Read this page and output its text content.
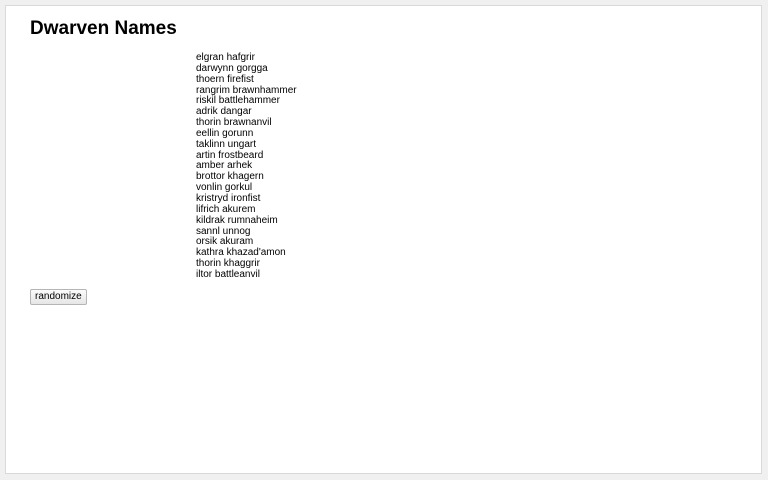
Dwarven Names
elgran hafgrir
darwynn gorgga
thoern firefist
rangrim brawnhammer
riskil battlehammer
adrik dangar
thorin brawnanvil
eellin gorunn
taklinn ungart
artin frostbeard
amber arhek
brottor khagern
vonlin gorkul
kristryd ironfist
lifrich akurem
kildrak rumnaheim
sannl unnog
orsik akuram
kathra khazad'amon
thorin khaggrir
iltor battleanvil
randomize
